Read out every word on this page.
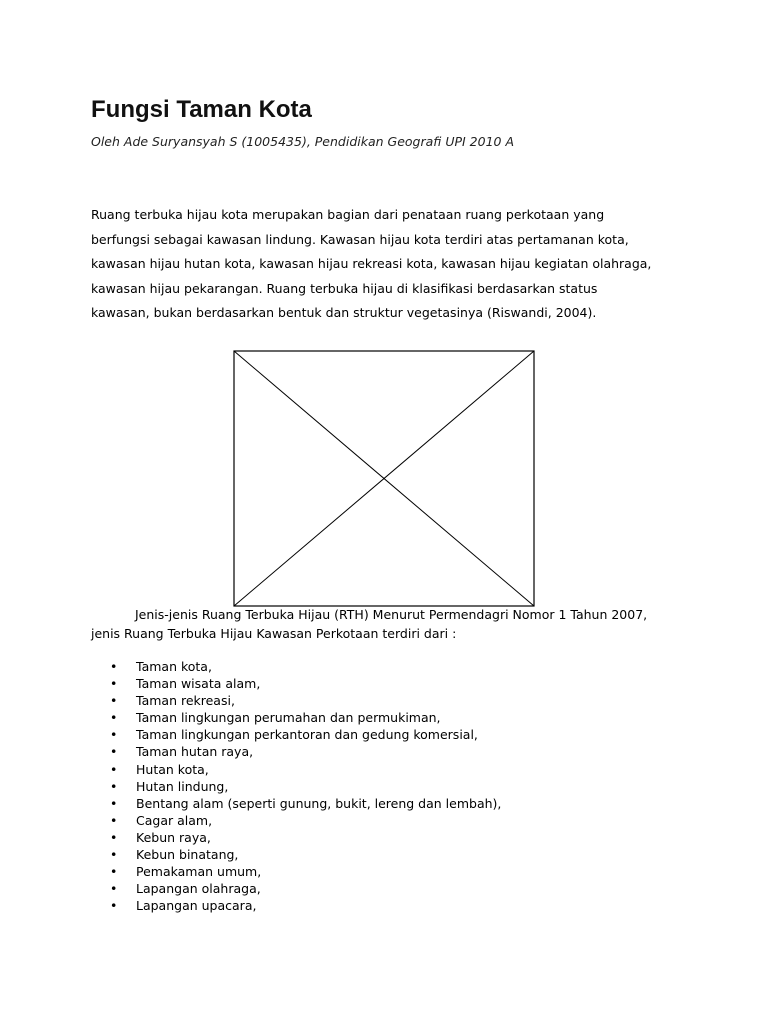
Fungsi Taman Kota

Oleh Ade Suryansyah S (1005435), Pendidikan Geografi UPI 2010 A

Ruang terbuka hijau kota merupakan bagian dari penataan ruang perkotaan yang
berfungsi sebagai kawasan lindung. Kawasan hijau kota terdiri atas pertamanan kota,
kawasan hijau hutan kota, kawasan hijau rekreasi kota, kawasan hijau kegiatan olahraga,
kawasan hijau pekarangan. Ruang terbuka hijau di klasifikasi berdasarkan status
kawasan, bukan berdasarkan bentuk dan struktur vegetasinya (Riswandi, 2004).
Jenis-jenis Ruang Terbuka Hijau (RTH) Menurut Permendagri Nomor 1 Tahun 2007,
jenis Ruang Terbuka Hijau Kawasan Perkotaan terdiri dari :
• Taman kota,
• Taman wisata alam,
• Taman rekreasi,
• Taman lingkungan perumahan dan permukiman,
• Taman lingkungan perkantoran dan gedung komersial,
• Taman hutan raya,
• Hutan kota,
• Hutan lindung,
• Bentang alam (seperti gunung, bukit, lereng dan lembah),
• Cagar alam,
• Kebun raya,
• Kebun binatang,
• Pemakaman umum,
• Lapangan olahraga,
• Lapangan upacara,
